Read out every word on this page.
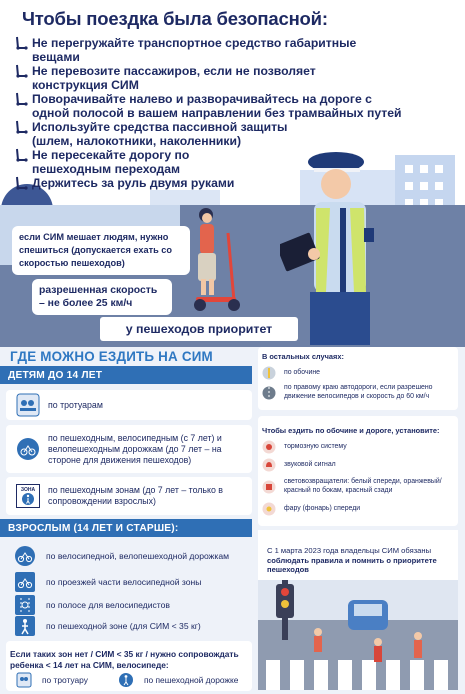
Чтобы поездка была безопасной:
Не перегружайте транспортное средство габаритные
вещами
Не перевозите пассажиров, если не позволяет
конструкция СИМ
Поворачивайте налево и разворачивайтесь на дороге с
одной полосой в вашем направлении без трамвайных путей
Используйте средства пассивной защиты
(шлем, налокотники, наколенники)
Не пересекайте дорогу по
пешеходным переходам
Держитесь за руль двумя руками
если СИМ мешает людям, нужно спешиться (допускается ехать со скоростью пешеходов)
разрешенная скорость – не более 25 км/ч
у пешеходов приоритет
ГДЕ МОЖНО ЕЗДИТЬ НА СИМ
ДЕТЯМ ДО 14 ЛЕТ
по тротуарам
по пешеходным, велосипедным (с 7 лет) и велопешеходным дорожкам (до 7 лет – на стороне для движения пешеходов)
ЗОНА по пешеходным зонам (до 7 лет – только в сопровождении взрослых)
ВЗРОСЛЫМ (14 ЛЕТ И СТАРШЕ):
по велосипедной, велопешеходной дорожкам
по проезжей части велосипедной зоны
по полосе для велосипедистов
по пешеходной зоне (для СИМ < 35 кг)
Если таких зон нет / СИМ < 35 кг / нужно сопровождать ребенка < 14 лет на СИМ, велосипеде:
по тротуару	по пешеходной дорожке
В остальных случаях:
по обочине
по правому краю автодороги, если разрешено движение велосипедов и скорость до 60 км/ч
Чтобы ездить по обочине и дороге, установите:
тормозную систему
звуковой сигнал
световозвращатели: белый спереди, оранжевый/красный по бокам, красный сзади
фару (фонарь) спереди
С 1 марта 2023 года владельцы СИМ обязаны соблюдать правила и помнить о приоритете пешеходов
